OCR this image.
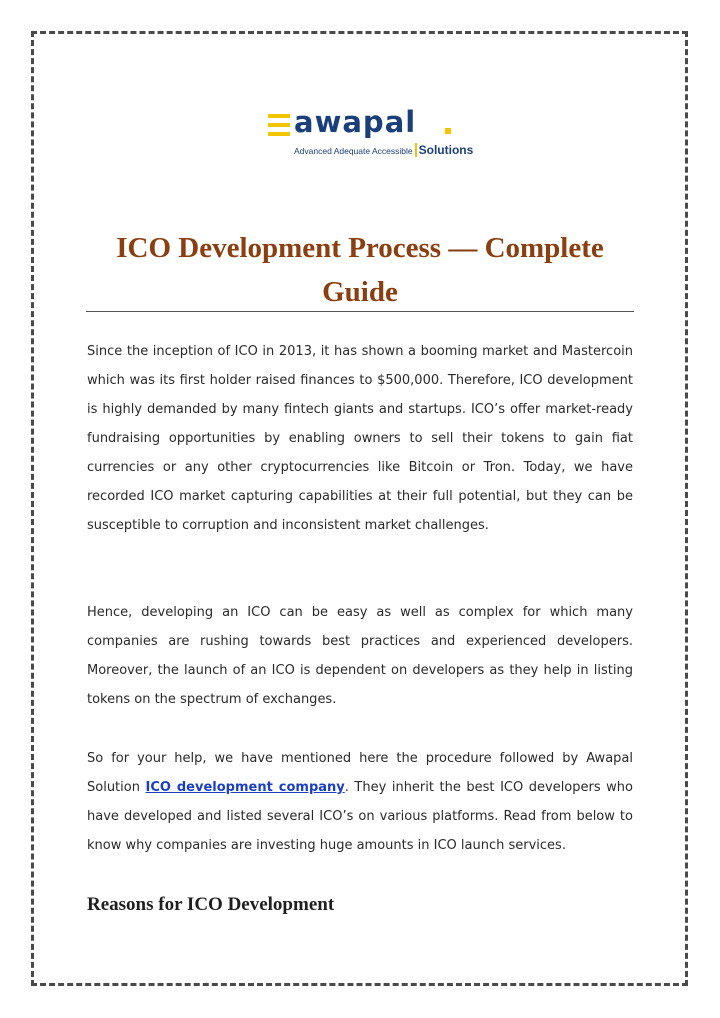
awapal
Advanced Adequate Accessible Solutions
ICO Development Process — Complete Guide

Since the inception of ICO in 2013, it has shown a booming market and Mastercoin which was its first holder raised finances to $500,000. Therefore, ICO development is highly demanded by many fintech giants and startups. ICO’s offer market-ready fundraising opportunities by enabling owners to sell their tokens to gain fiat currencies or any other cryptocurrencies like Bitcoin or Tron. Today, we have recorded ICO market capturing capabilities at their full potential, but they can be susceptible to corruption and inconsistent market challenges.

Hence, developing an ICO can be easy as well as complex for which many companies are rushing towards best practices and experienced developers. Moreover, the launch of an ICO is dependent on developers as they help in listing tokens on the spectrum of exchanges.

So for your help, we have mentioned here the procedure followed by Awapal Solution ICO development company. They inherit the best ICO developers who have developed and listed several ICO’s on various platforms. Read from below to know why companies are investing huge amounts in ICO launch services.

Reasons for ICO Development
